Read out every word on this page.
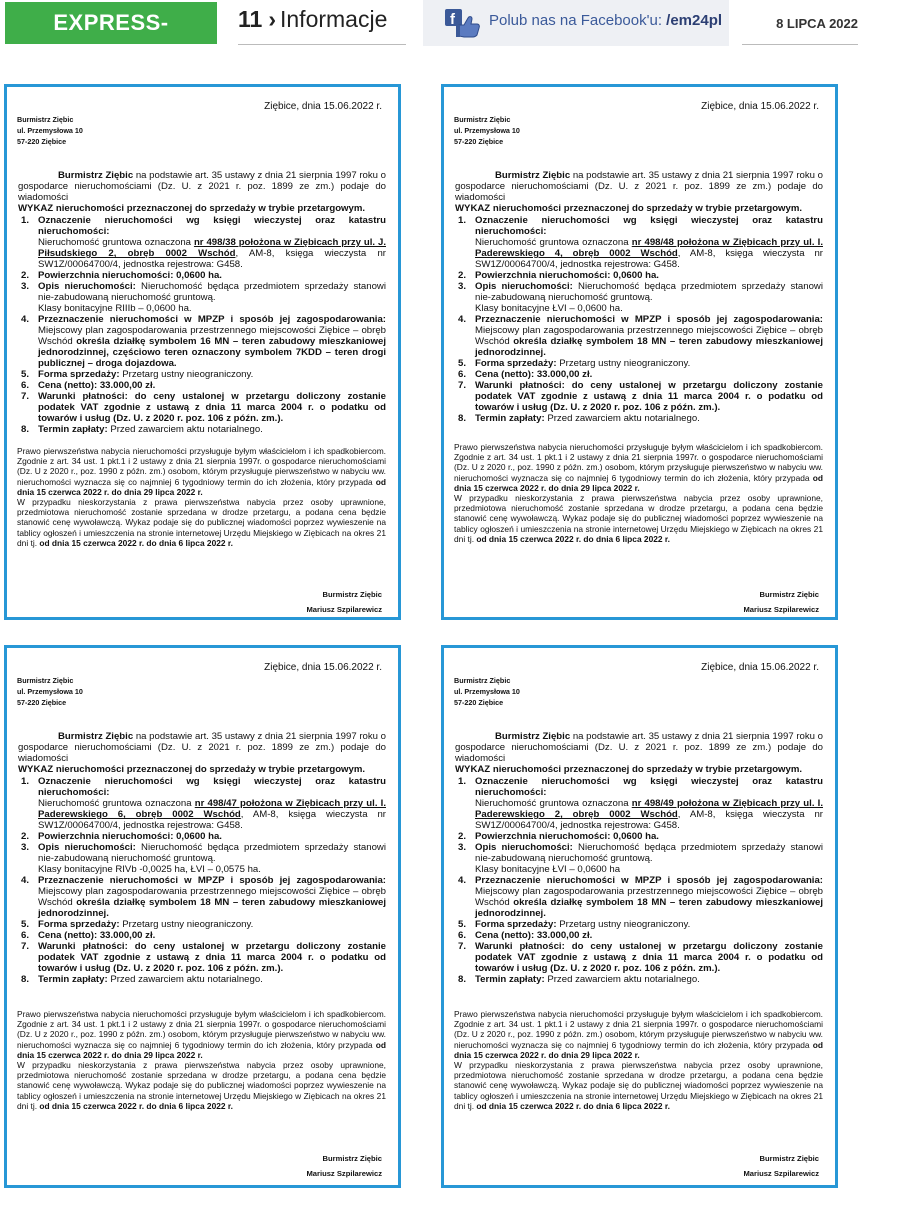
EXPRESS-MIEJSKI.PL
11 › Informacje	f Polub nas na Facebook'u: /em24pl	8 LIPCA 2022
Ziębice, dnia 15.06.2022 r.
Burmistrz Ziębic
ul. Przemysłowa 10
57-220 Ziębice
Burmistrz Ziębic na podstawie art. 35 ustawy z dnia 21 sierpnia 1997 roku o gospodarce nieruchomościami (Dz. U. z 2021 r. poz. 1899 ze zm.) podaje do wiadomości
WYKAZ nieruchomości przeznaczonej do sprzedaży w trybie przetargowym.
1. Oznaczenie nieruchomości wg księgi wieczystej oraz katastru nieruchomości:
Nieruchomość gruntowa oznaczona nr 498/38 położona w Ziębicach przy ul. J. Piłsudskiego 2, obręb 0002 Wschód, AM-8, księga wieczysta nr SW1Z/00064700/4, jednostka rejestrowa: G458.

2. Powierzchnia nieruchomości: 0,0600 ha.

3. Opis nieruchomości: Nieruchomość będąca przedmiotem sprzedaży stanowi nie-zabudowaną nieruchomość gruntową.
Klasy bonitacyjne RIIIb – 0,0600 ha.

4. Przeznaczenie nieruchomości w MPZP i sposób jej zagospodarowania: Miejscowy plan zagospodarowania przestrzennego miejscowości Ziębice – obręb Wschód określa działkę symbolem 16 MN – teren zabudowy mieszkaniowej jednorodzinnej, częściowo teren oznaczony symbolem 7KDD – teren drogi publicznej – droga dojazdowa.

5. Forma sprzedaży: Przetarg ustny nieograniczony.

6. Cena (netto): 33.000,00 zł.

7. Warunki płatności: do ceny ustalonej w przetargu doliczony zostanie podatek VAT zgodnie z ustawą z dnia 11 marca 2004 r. o podatku od towarów i usług (Dz. U. z 2020 r. poz. 106 z późn. zm.).

8. Termin zapłaty: Przed zawarciem aktu notarialnego.

Prawo pierwszeństwa nabycia nieruchomości przysługuje byłym właścicielom i ich spadkobiercom. Zgodnie z art. 34 ust. 1 pkt.1 i 2 ustawy z dnia 21 sierpnia 1997r. o gospodarce nieruchomościami (Dz. U z 2020 r., poz. 1990 z późn. zm.) osobom, którym przysługuje pierwszeństwo w nabyciu ww. nieruchomości wyznacza się co najmniej 6 tygodniowy termin do ich złożenia, który przypada od dnia 15 czerwca 2022 r. do dnia 29 lipca 2022 r.
W przypadku nieskorzystania z prawa pierwszeństwa nabycia przez osoby uprawnione, przedmiotowa nieruchomość zostanie sprzedana w drodze przetargu, a podana cena będzie stanowić cenę wywoławczą. Wykaz podaje się do publicznej wiadomości poprzez wywieszenie na tablicy ogłoszeń i umieszczenia na stronie internetowej Urzędu Miejskiego w Ziębicach na okres 21 dni tj. od dnia 15 czerwca 2022 r. do dnia 6 lipca 2022 r.
Burmistrz Ziębic
Mariusz Szpilarewicz
Ziębice, dnia 15.06.2022 r.
Burmistrz Ziębic
ul. Przemysłowa 10
57-220 Ziębice
Burmistrz Ziębic na podstawie art. 35 ustawy z dnia 21 sierpnia 1997 roku o gospodarce nieruchomościami (Dz. U. z 2021 r. poz. 1899 ze zm.) podaje do wiadomości
WYKAZ nieruchomości przeznaczonej do sprzedaży w trybie przetargowym.
1. Oznaczenie nieruchomości wg księgi wieczystej oraz katastru nieruchomości:
Nieruchomość gruntowa oznaczona nr 498/48 położona w Ziębicach przy ul. I. Paderewskiego 4, obręb 0002 Wschód, AM-8, księga wieczysta nr SW1Z/00064700/4, jednostka rejestrowa: G458.

2. Powierzchnia nieruchomości: 0,0600 ha.

3. Opis nieruchomości: Nieruchomość będąca przedmiotem sprzedaży stanowi nie-zabudowaną nieruchomość gruntową.
Klasy bonitacyjne ŁVI – 0,0600 ha.

4. Przeznaczenie nieruchomości w MPZP i sposób jej zagospodarowania: Miejscowy plan zagospodarowania przestrzennego miejscowości Ziębice – obręb Wschód określa działkę symbolem 18 MN – teren zabudowy mieszkaniowej jednorodzinnej.

5. Forma sprzedaży: Przetarg ustny nieograniczony.

6. Cena (netto): 33.000,00 zł.

7. Warunki płatności: do ceny ustalonej w przetargu doliczony zostanie podatek VAT zgodnie z ustawą z dnia 11 marca 2004 r. o podatku od towarów i usług (Dz. U. z 2020 r. poz. 106 z późn. zm.).

8. Termin zapłaty: Przed zawarciem aktu notarialnego.

Prawo pierwszeństwa nabycia nieruchomości przysługuje byłym właścicielom i ich spadkobiercom. Zgodnie z art. 34 ust. 1 pkt.1 i 2 ustawy z dnia 21 sierpnia 1997r. o gospodarce nieruchomościami (Dz. U z 2020 r., poz. 1990 z późn. zm.) osobom, którym przysługuje pierwszeństwo w nabyciu ww. nieruchomości wyznacza się co najmniej 6 tygodniowy termin do ich złożenia, który przypada od dnia 15 czerwca 2022 r. do dnia 29 lipca 2022 r.
W przypadku nieskorzystania z prawa pierwszeństwa nabycia przez osoby uprawnione, przedmiotowa nieruchomość zostanie sprzedana w drodze przetargu, a podana cena będzie stanowić cenę wywoławczą. Wykaz podaje się do publicznej wiadomości poprzez wywieszenie na tablicy ogłoszeń i umieszczenia na stronie internetowej Urzędu Miejskiego w Ziębicach na okres 21 dni tj. od dnia 15 czerwca 2022 r. do dnia 6 lipca 2022 r.
Burmistrz Ziębic
Mariusz Szpilarewicz
Ziębice, dnia 15.06.2022 r.
Burmistrz Ziębic
ul. Przemysłowa 10
57-220 Ziębice
Burmistrz Ziębic na podstawie art. 35 ustawy z dnia 21 sierpnia 1997 roku o gospodarce nieruchomościami (Dz. U. z 2021 r. poz. 1899 ze zm.) podaje do wiadomości
WYKAZ nieruchomości przeznaczonej do sprzedaży w trybie przetargowym.
1. Oznaczenie nieruchomości wg księgi wieczystej oraz katastru nieruchomości:
Nieruchomość gruntowa oznaczona nr 498/47 położona w Ziębicach przy ul. I. Paderewskiego 6, obręb 0002 Wschód, AM-8, księga wieczysta nr SW1Z/00064700/4, jednostka rejestrowa: G458.

2. Powierzchnia nieruchomości: 0,0600 ha.

3. Opis nieruchomości: Nieruchomość będąca przedmiotem sprzedaży stanowi nie-zabudowaną nieruchomość gruntową.
Klasy bonitacyjne RIVb -0,0025 ha, ŁVI – 0,0575 ha.

4. Przeznaczenie nieruchomości w MPZP i sposób jej zagospodarowania: Miejscowy plan zagospodarowania przestrzennego miejscowości Ziębice – obręb Wschód określa działkę symbolem 18 MN – teren zabudowy mieszkaniowej jednorodzinnej.

5. Forma sprzedaży: Przetarg ustny nieograniczony.

6. Cena (netto): 33.000,00 zł.

7. Warunki płatności: do ceny ustalonej w przetargu doliczony zostanie podatek VAT zgodnie z ustawą z dnia 11 marca 2004 r. o podatku od towarów i usług (Dz. U. z 2020 r. poz. 106 z późn. zm.).

8. Termin zapłaty: Przed zawarciem aktu notarialnego.

Prawo pierwszeństwa nabycia nieruchomości przysługuje byłym właścicielom i ich spadkobiercom. Zgodnie z art. 34 ust. 1 pkt.1 i 2 ustawy z dnia 21 sierpnia 1997r. o gospodarce nieruchomościami (Dz. U z 2020 r., poz. 1990 z późn. zm.) osobom, którym przysługuje pierwszeństwo w nabyciu ww. nieruchomości wyznacza się co najmniej 6 tygodniowy termin do ich złożenia, który przypada od dnia 15 czerwca 2022 r. do dnia 29 lipca 2022 r.
W przypadku nieskorzystania z prawa pierwszeństwa nabycia przez osoby uprawnione, przedmiotowa nieruchomość zostanie sprzedana w drodze przetargu, a podana cena będzie stanowić cenę wywoławczą. Wykaz podaje się do publicznej wiadomości poprzez wywieszenie na tablicy ogłoszeń i umieszczenia na stronie internetowej Urzędu Miejskiego w Ziębicach na okres 21 dni tj. od dnia 15 czerwca 2022 r. do dnia 6 lipca 2022 r.
Burmistrz Ziębic
Mariusz Szpilarewicz
Ziębice, dnia 15.06.2022 r.
Burmistrz Ziębic
ul. Przemysłowa 10
57-220 Ziębice
Burmistrz Ziębic na podstawie art. 35 ustawy z dnia 21 sierpnia 1997 roku o gospodarce nieruchomościami (Dz. U. z 2021 r. poz. 1899 ze zm.) podaje do wiadomości
WYKAZ nieruchomości przeznaczonej do sprzedaży w trybie przetargowym.
1. Oznaczenie nieruchomości wg księgi wieczystej oraz katastru nieruchomości:
Nieruchomość gruntowa oznaczona nr 498/49 położona w Ziębicach przy ul. I. Paderewskiego 2, obręb 0002 Wschód, AM-8, księga wieczysta nr SW1Z/00064700/4, jednostka rejestrowa: G458.

2. Powierzchnia nieruchomości: 0,0600 ha.

3. Opis nieruchomości: Nieruchomość będąca przedmiotem sprzedaży stanowi nie-zabudowaną nieruchomość gruntową.
Klasy bonitacyjne ŁVI – 0,0600 ha

4. Przeznaczenie nieruchomości w MPZP i sposób jej zagospodarowania: Miejscowy plan zagospodarowania przestrzennego miejscowości Ziębice – obręb Wschód określa działkę symbolem 18 MN – teren zabudowy mieszkaniowej jednorodzinnej.

5. Forma sprzedaży: Przetarg ustny nieograniczony.

6. Cena (netto): 33.000,00 zł.

7. Warunki płatności: do ceny ustalonej w przetargu doliczony zostanie podatek VAT zgodnie z ustawą z dnia 11 marca 2004 r. o podatku od towarów i usług (Dz. U. z 2020 r. poz. 106 z późn. zm.).

8. Termin zapłaty: Przed zawarciem aktu notarialnego.

Prawo pierwszeństwa nabycia nieruchomości przysługuje byłym właścicielom i ich spadkobiercom. Zgodnie z art. 34 ust. 1 pkt.1 i 2 ustawy z dnia 21 sierpnia 1997r. o gospodarce nieruchomościami (Dz. U z 2020 r., poz. 1990 z późn. zm.) osobom, którym przysługuje pierwszeństwo w nabyciu ww. nieruchomości wyznacza się co najmniej 6 tygodniowy termin do ich złożenia, który przypada od dnia 15 czerwca 2022 r. do dnia 29 lipca 2022 r.
W przypadku nieskorzystania z prawa pierwszeństwa nabycia przez osoby uprawnione, przedmiotowa nieruchomość zostanie sprzedana w drodze przetargu, a podana cena będzie stanowić cenę wywoławczą. Wykaz podaje się do publicznej wiadomości poprzez wywieszenie na tablicy ogłoszeń i umieszczenia na stronie internetowej Urzędu Miejskiego w Ziębicach na okres 21 dni tj. od dnia 15 czerwca 2022 r. do dnia 6 lipca 2022 r.
Burmistrz Ziębic
Mariusz Szpilarewicz
